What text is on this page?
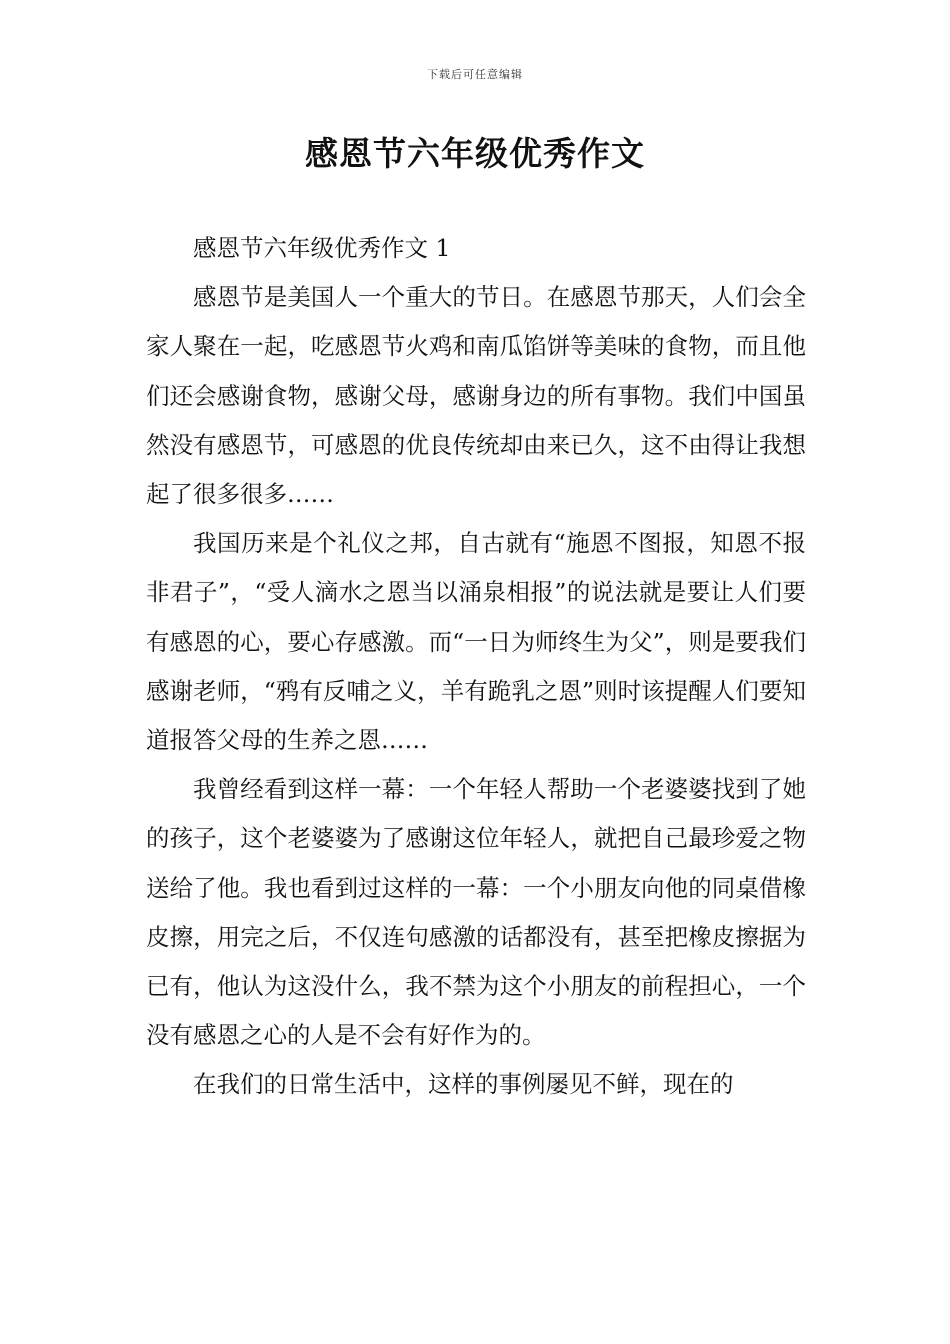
下载后可任意编辑
感恩节六年级优秀作文

感恩节六年级优秀作文 1

感恩节是美国人一个重大的节日。在感恩节那天，人们会全家人聚在一起，吃感恩节火鸡和南瓜馅饼等美味的食物，而且他们还会感谢食物，感谢父母，感谢身边的所有事物。我们中国虽然没有感恩节，可感恩的优良传统却由来已久，这不由得让我想起了很多很多……

我国历来是个礼仪之邦，自古就有“施恩不图报，知恩不报非君子”，“受人滴水之恩当以涌泉相报”的说法就是要让人们要有感恩的心，要心存感激。而“一日为师终生为父”，则是要我们感谢老师，“鸦有反哺之义，羊有跪乳之恩”则时该提醒人们要知道报答父母的生养之恩……

我曾经看到这样一幕：一个年轻人帮助一个老婆婆找到了她的孩子，这个老婆婆为了感谢这位年轻人，就把自己最珍爱之物送给了他。我也看到过这样的一幕：一个小朋友向他的同桌借橡皮擦，用完之后，不仅连句感激的话都没有，甚至把橡皮擦据为已有，他认为这没什么，我不禁为这个小朋友的前程担心，一个没有感恩之心的人是不会有好作为的。

在我们的日常生活中，这样的事例屡见不鲜，现在的
